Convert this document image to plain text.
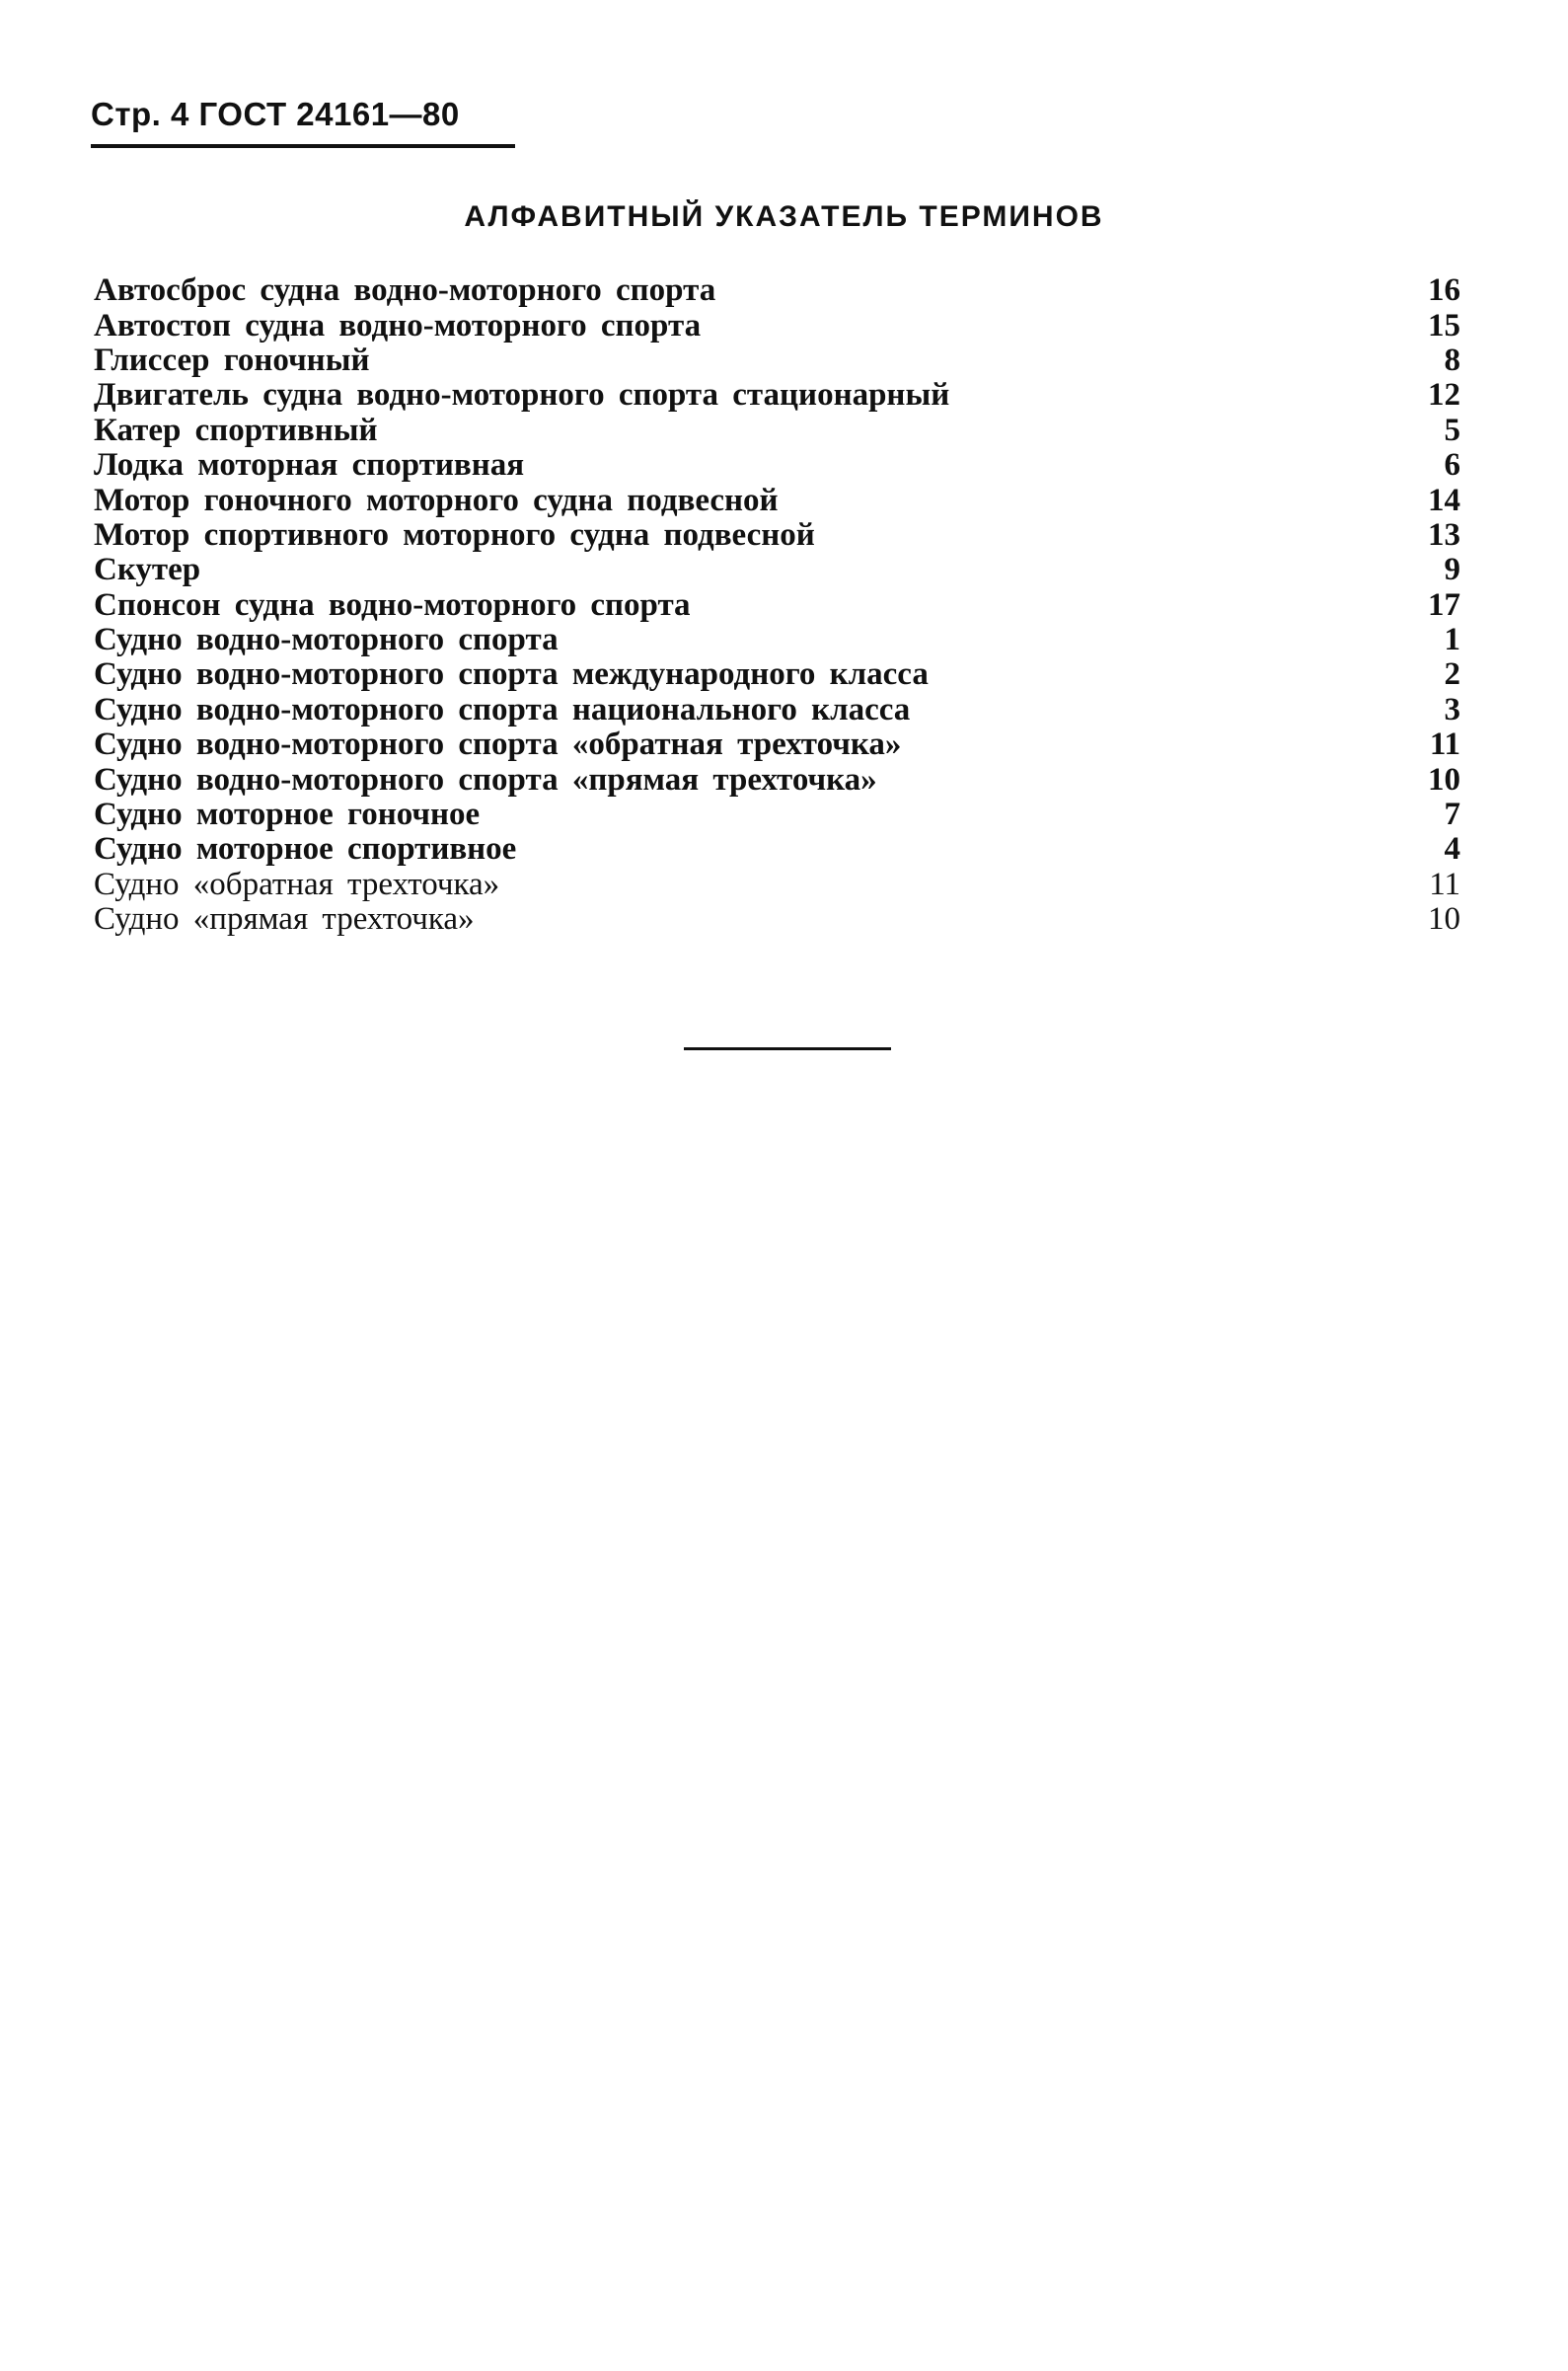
Стр. 4 ГОСТ 24161—80
АЛФАВИТНЫЙ УКАЗАТЕЛЬ ТЕРМИНОВ
Автосброс судна водно-моторного спорта	16
Автостоп судна водно-моторного спорта	15
Глиссер гоночный	8
Двигатель судна водно-моторного спорта стационарный	12
Катер спортивный	5
Лодка моторная спортивная	6
Мотор гоночного моторного судна подвесной	14
Мотор спортивного моторного судна подвесной	13
Скутер	9
Спонсон судна водно-моторного спорта	17
Судно водно-моторного спорта	1
Судно водно-моторного спорта международного класса	2
Судно водно-моторного спорта национального класса	3
Судно водно-моторного спорта «обратная трехточка»	11
Судно водно-моторного спорта «прямая трехточка»	10
Судно моторное гоночное	7
Судно моторное спортивное	4
Судно «обратная трехточка»	11
Судно «прямая трехточка»	10
